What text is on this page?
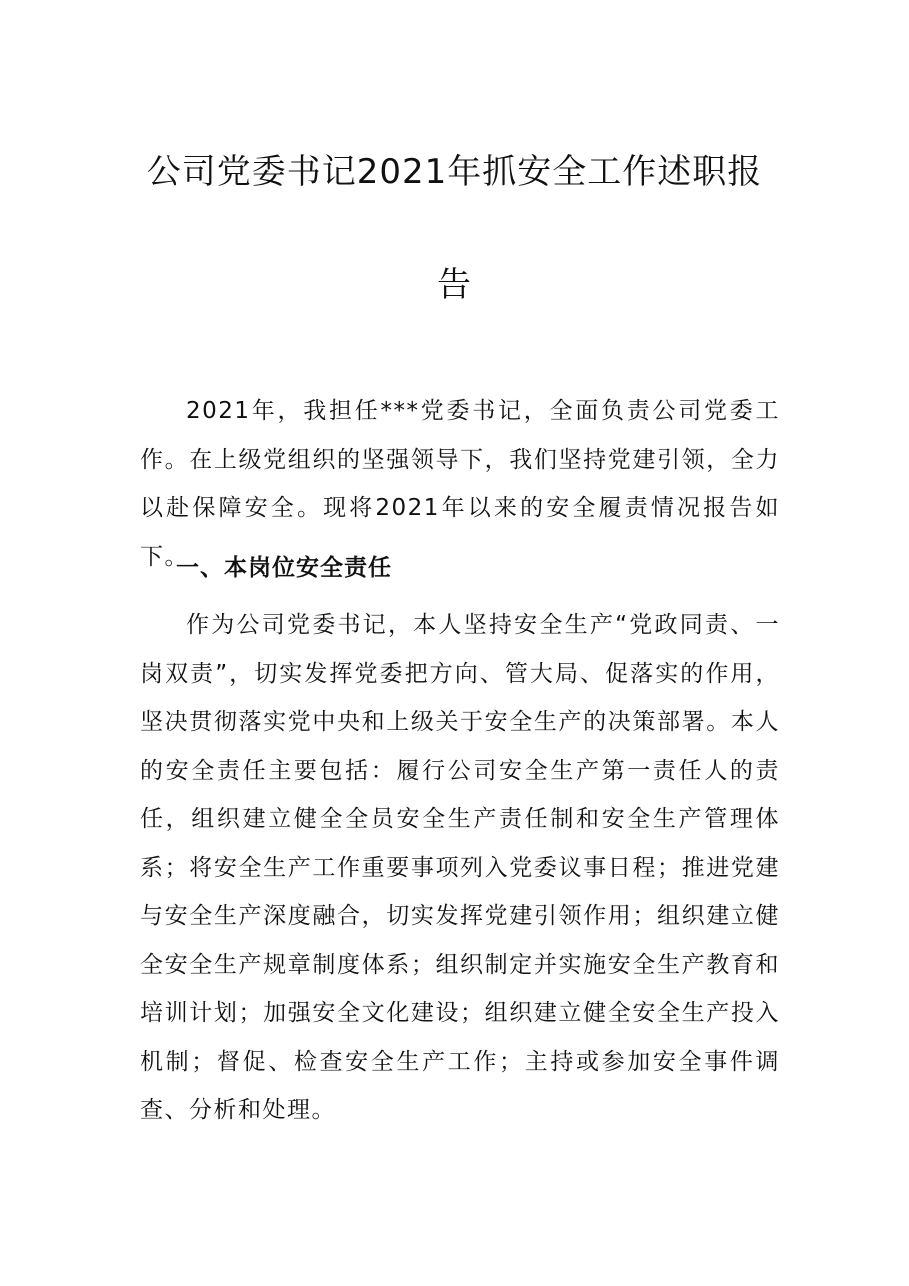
公司党委书记2021年抓安全工作述职报
告

2021年，我担任***党委书记，全面负责公司党委工作。在上级党组织的坚强领导下，我们坚持党建引领，全力以赴保障安全。现将2021年以来的安全履责情况报告如下。

一、本岗位安全责任

作为公司党委书记，本人坚持安全生产“党政同责、一岗双责”，切实发挥党委把方向、管大局、促落实的作用，坚决贯彻落实党中央和上级关于安全生产的决策部署。本人的安全责任主要包括：履行公司安全生产第一责任人的责任，组织建立健全全员安全生产责任制和安全生产管理体系；将安全生产工作重要事项列入党委议事日程；推进党建与安全生产深度融合，切实发挥党建引领作用；组织建立健全安全生产规章制度体系；组织制定并实施安全生产教育和培训计划；加强安全文化建设；组织建立健全安全生产投入机制；督促、检查安全生产工作；主持或参加安全事件调查、分析和处理。
